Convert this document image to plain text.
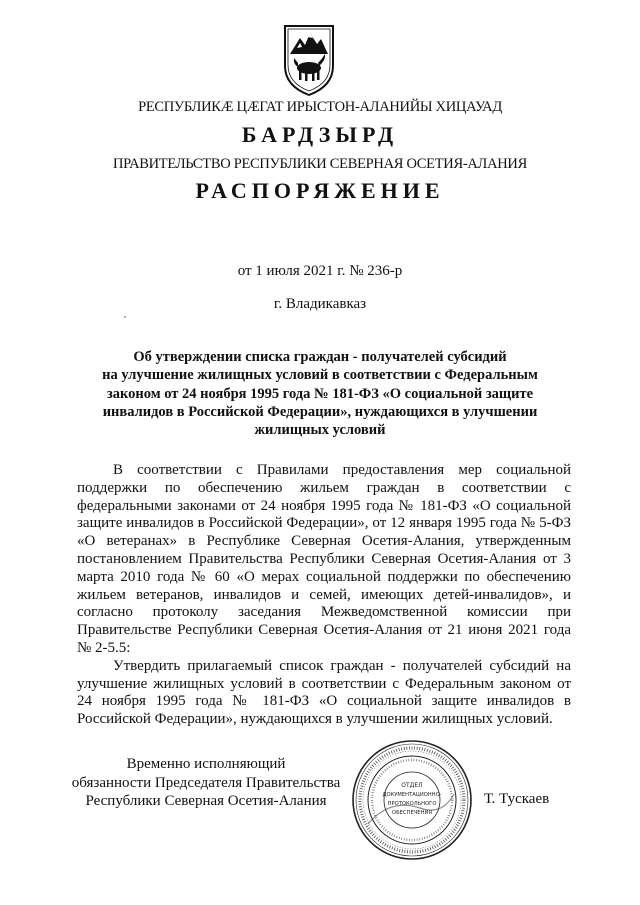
РЕСПУБЛИКӔ ЦӔГАТ ИРЫСТОН-АЛАНИЙЫ ХИЦАУАД
БАРДЗЫРД
ПРАВИТЕЛЬСТВО РЕСПУБЛИКИ СЕВЕРНАЯ ОСЕТИЯ-АЛАНИЯ
РАСПОРЯЖЕНИЕ
от 1 июля 2021 г. № 236-р
г. Владикавказ
Об утверждении списка граждан - получателей субсидий
на улучшение жилищных условий в соответствии с Федеральным
законом от 24 ноября 1995 года № 181-ФЗ «О социальной защите
инвалидов в Российской Федерации», нуждающихся в улучшении
жилищных условий

В соответствии с Правилами предоставления мер социальной поддержки по обеспечению жильем граждан в соответствии с федеральными законами от 24 ноября 1995 года № 181-ФЗ «О социальной защите инвалидов в Российской Федерации», от 12 января 1995 года № 5-ФЗ «О ветеранах» в Республике Северная Осетия-Алания, утвержденным постановлением Правительства Республики Северная Осетия-Алания от 3 марта 2010 года № 60 «О мерах социальной поддержки по обеспечению жильем ветеранов, инвалидов и семей, имеющих детей-инвалидов», и согласно протоколу заседания Межведомственной комиссии при Правительстве Республики Северная Осетия-Алания от 21 июня 2021 года № 2-5.5:

Утвердить прилагаемый список граждан - получателей субсидий на улучшение жилищных условий в соответствии с Федеральным законом от 24 ноября 1995 года № 181-ФЗ «О социальной защите инвалидов в Российской Федерации», нуждающихся в улучшении жилищных условий.

Временно исполняющий
обязанности Председателя Правительства
Республики Северная Осетия-Алания
ОТДЕЛ
ДОКУМЕНТАЦИОННО-
ПРОТОКОЛЬНОГО
ОБЕСПЕЧЕНИЯ
Т. Тускаев
